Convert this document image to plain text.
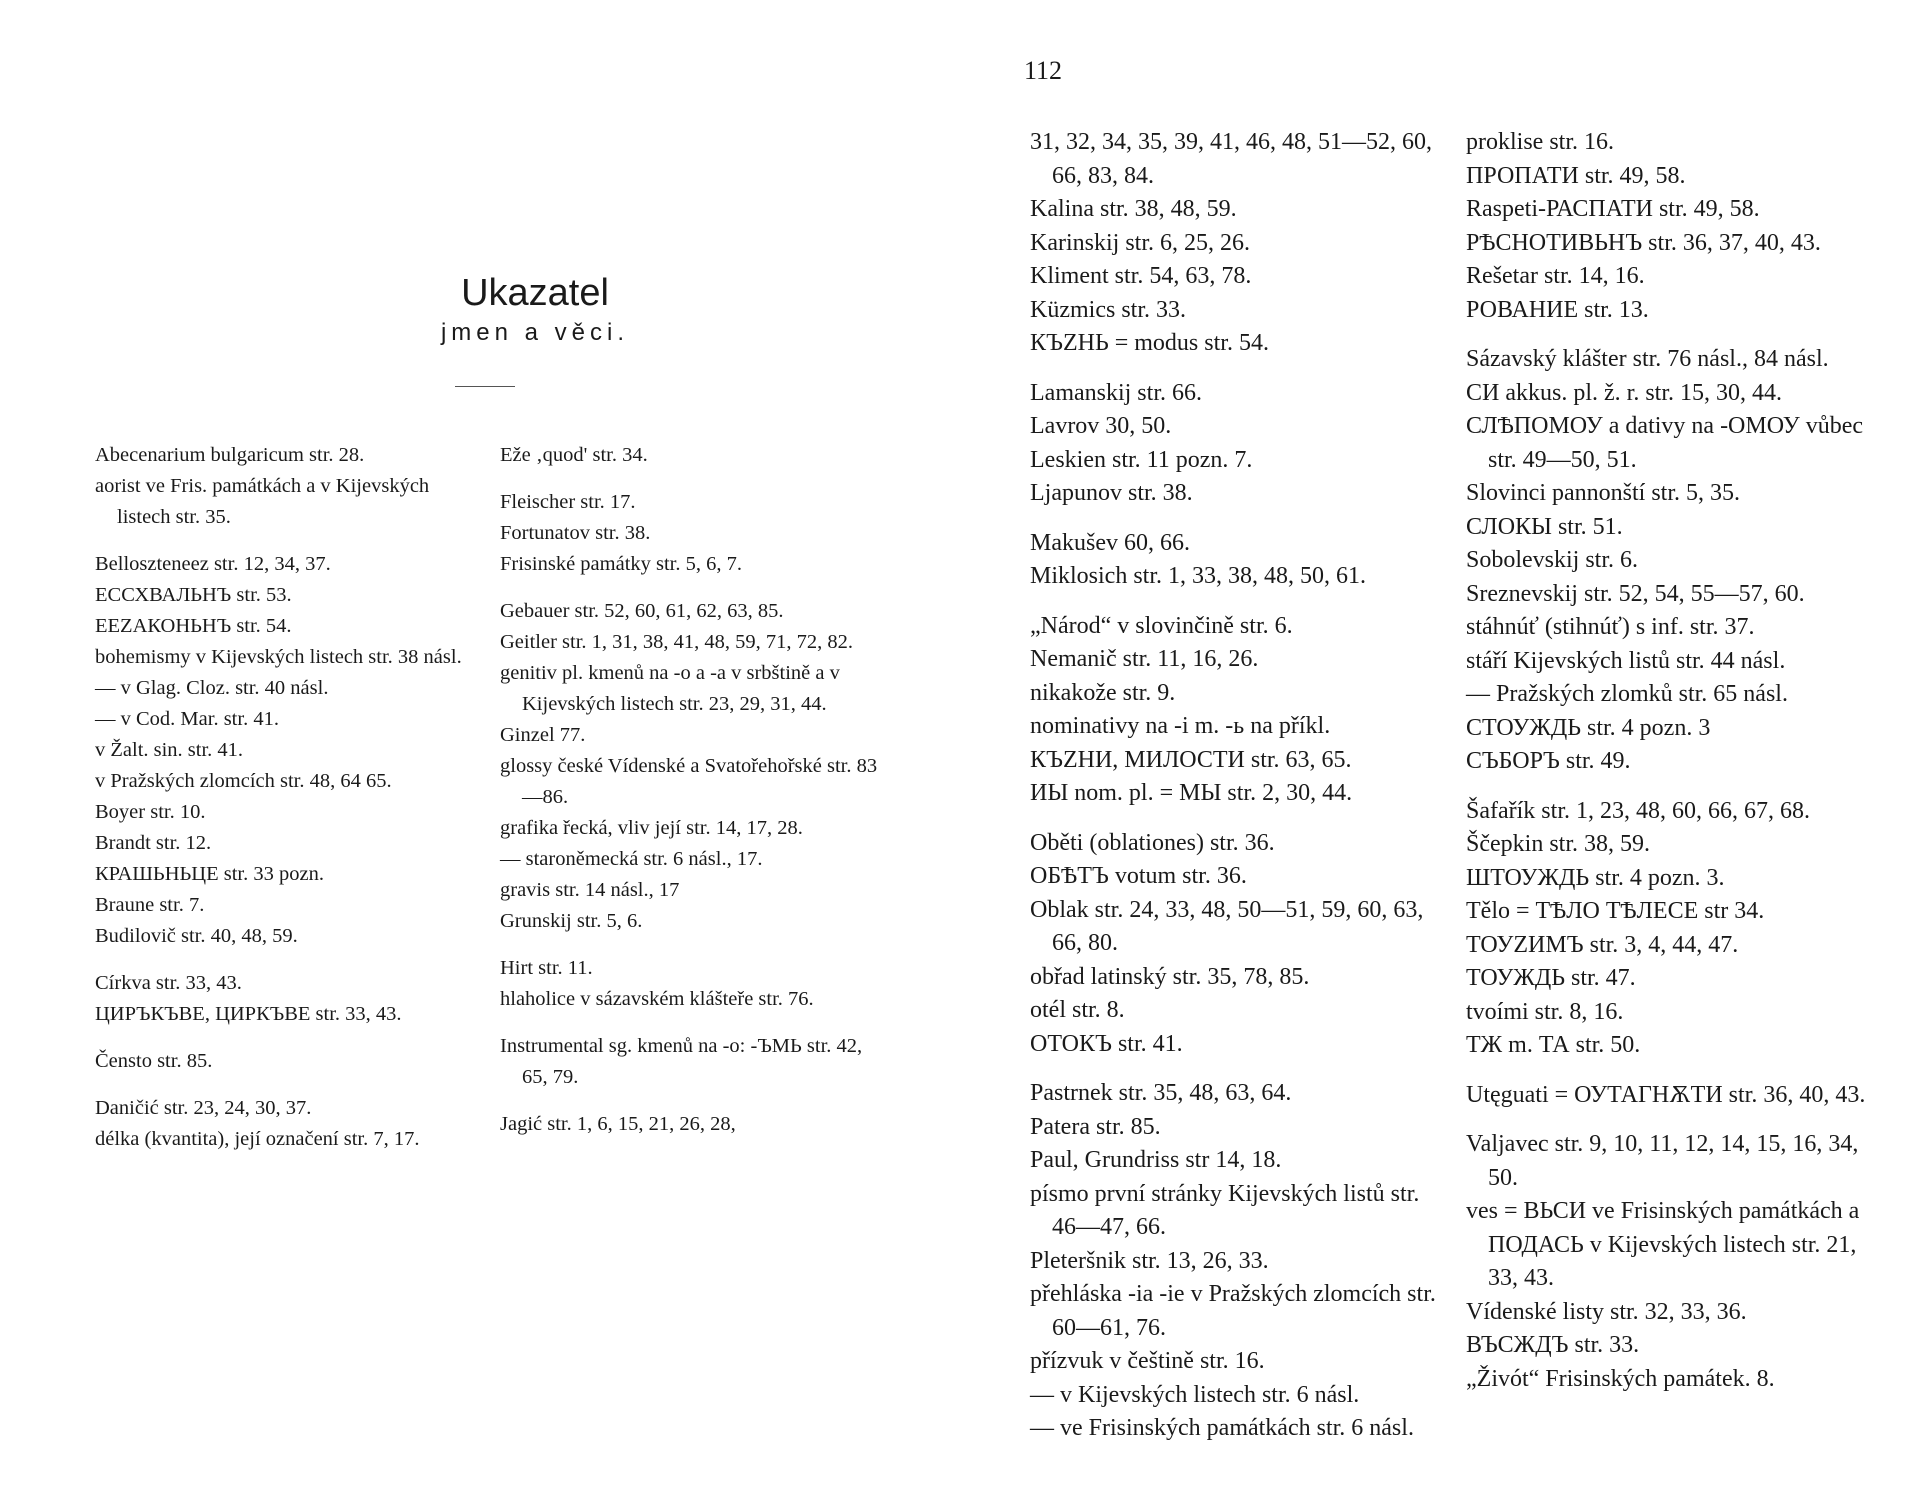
112
Ukazatel
jmen a věci.

Abecenarium bulgaricum str. 28.

aorist ve Fris. památkách a v Kijevských listech str. 35.

Belloszteneez str. 12, 34, 37.

ЕССХВАЛЬНЪ str. 53.

ЕЕZАКОНЬНЪ str. 54.

bohemismy v Kijevských listech str. 38 násl.

— v Glag. Cloz. str. 40 násl.

— v Cod. Mar. str. 41.

v Žalt. sin. str. 41.

v Pražských zlomcích str. 48, 64 65.

Boyer str. 10.

Brandt str. 12.

КРАШЬНЬЦЕ str. 33 pozn.

Braune str. 7.

Budilovič str. 40, 48, 59.

Církva str. 33, 43.

ЦИРЪКЪВЕ, ЦИРКЪВЕ str. 33, 43.

Čensto str. 85.

Daničić str. 23, 24, 30, 37.

délka (kvantita), její označení str. 7, 17.

Eže ‚quod' str. 34.

Fleischer str. 17.

Fortunatov str. 38.

Frisinské památky str. 5, 6, 7.

Gebauer str. 52, 60, 61, 62, 63, 85.

Geitler str. 1, 31, 38, 41, 48, 59, 71, 72, 82.

genitiv pl. kmenů na -o a -a v srbštině a v Kijevských listech str. 23, 29, 31, 44.

Ginzel 77.

glossy české Vídenské a Svatořehořské str. 83—86.

grafika řecká, vliv její str. 14, 17, 28.

— staroněmecká str. 6 násl., 17.

gravis str. 14 násl., 17

Grunskij str. 5, 6.

Hirt str. 11.

hlaholice v sázavském klášteře str. 76.

Instrumental sg. kmenů na -o: -ЪМЬ str. 42, 65, 79.

Jagić str. 1, 6, 15, 21, 26, 28,

31, 32, 34, 35, 39, 41, 46, 48, 51—52, 60, 66, 83, 84.

Kalina str. 38, 48, 59.

Karinskij str. 6, 25, 26.

Kliment str. 54, 63, 78.

Küzmics str. 33.

КЪZНЬ = modus str. 54.

Lamanskij str. 66.

Lavrov 30, 50.

Leskien str. 11 pozn. 7.

Ljapunov str. 38.

Makušev 60, 66.

Miklosich str. 1, 33, 38, 48, 50, 61.

„Národ“ v slovinčině str. 6.

Nemanič str. 11, 16, 26.

nikakože str. 9.

nominativy na -i m. -ь na příkl.

КЪZНИ, МИЛОСТИ str. 63, 65.

ИЫ nom. pl. = МЫ str. 2, 30, 44.

Oběti (oblationes) str. 36.

ОБѢТЪ votum str. 36.

Oblak str. 24, 33, 48, 50—51, 59, 60, 63, 66, 80.

obřad latinský str. 35, 78, 85.

otél str. 8.

ОТОКЪ str. 41.

Pastrnek str. 35, 48, 63, 64.

Patera str. 85.

Paul, Grundriss str 14, 18.

písmo první stránky Kijevských listů str. 46—47, 66.

Pleteršnik str. 13, 26, 33.

přehláska -ia -ie v Pražských zlomcích str. 60—61, 76.

přízvuk v češtině str. 16.

— v Kijevských listech str. 6 násl.

— ve Frisinských památkách str. 6 násl.

proklise str. 16.

ПРОПАТИ str. 49, 58.

Raspeti-РАСПАТИ str. 49, 58.

РѢСНОТИВЬНЪ str. 36, 37, 40, 43.

Rešetar str. 14, 16.

РОВАНИЕ str. 13.

Sázavský klášter str. 76 násl., 84 násl.

СИ akkus. pl. ž. r. str. 15, 30, 44.

СЛѢПОМОУ a dativy na -ОМОУ vůbec str. 49—50, 51.

Slovinci pannonští str. 5, 35.

СЛОКЫ str. 51.

Sobolevskij str. 6.

Sreznevskij str. 52, 54, 55—57, 60.

stáhnúť (stihnúť) s inf. str. 37.

stáří Kijevských listů str. 44 násl.

— Pražských zlomků str. 65 násl.

СТОУЖДЬ str. 4 pozn. 3

СЪБОРЪ str. 49.

Šafařík str. 1, 23, 48, 60, 66, 67, 68.

Ščepkin str. 38, 59.

ШТОУЖДЬ str. 4 pozn. 3.

Tělo = ТѢЛО ТѢЛЕСЕ str 34.

ТОУZИМЪ str. 3, 4, 44, 47.

ТОУЖДЬ str. 47.

tvoími str. 8, 16.

ТЖ m. ТА str. 50.

Utęguati = ОУТАГНѪТИ str. 36, 40, 43.

Valjavec str. 9, 10, 11, 12, 14, 15, 16, 34, 50.

ves = ВЬСИ ve Frisinských památkách a ПОДАСЬ v Kijevských listech str. 21, 33, 43.

Vídenské listy str. 32, 33, 36.

ВЪСЖДЪ str. 33.

„Živót“ Frisinských památek. 8.
